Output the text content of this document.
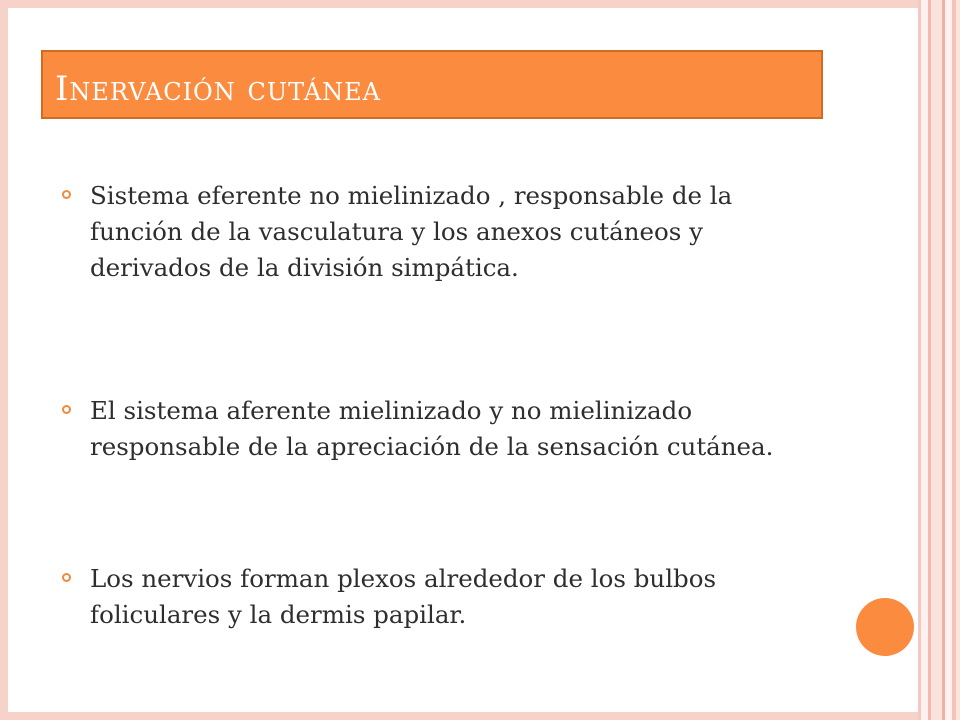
Inervación cutánea
Sistema eferente no mielinizado , responsable de la función de la vasculatura y los anexos cutáneos y derivados de la división simpática.
El sistema aferente mielinizado y no mielinizado responsable de la apreciación de la sensación cutánea.
Los nervios forman plexos alrededor de los bulbos foliculares y la dermis papilar.
